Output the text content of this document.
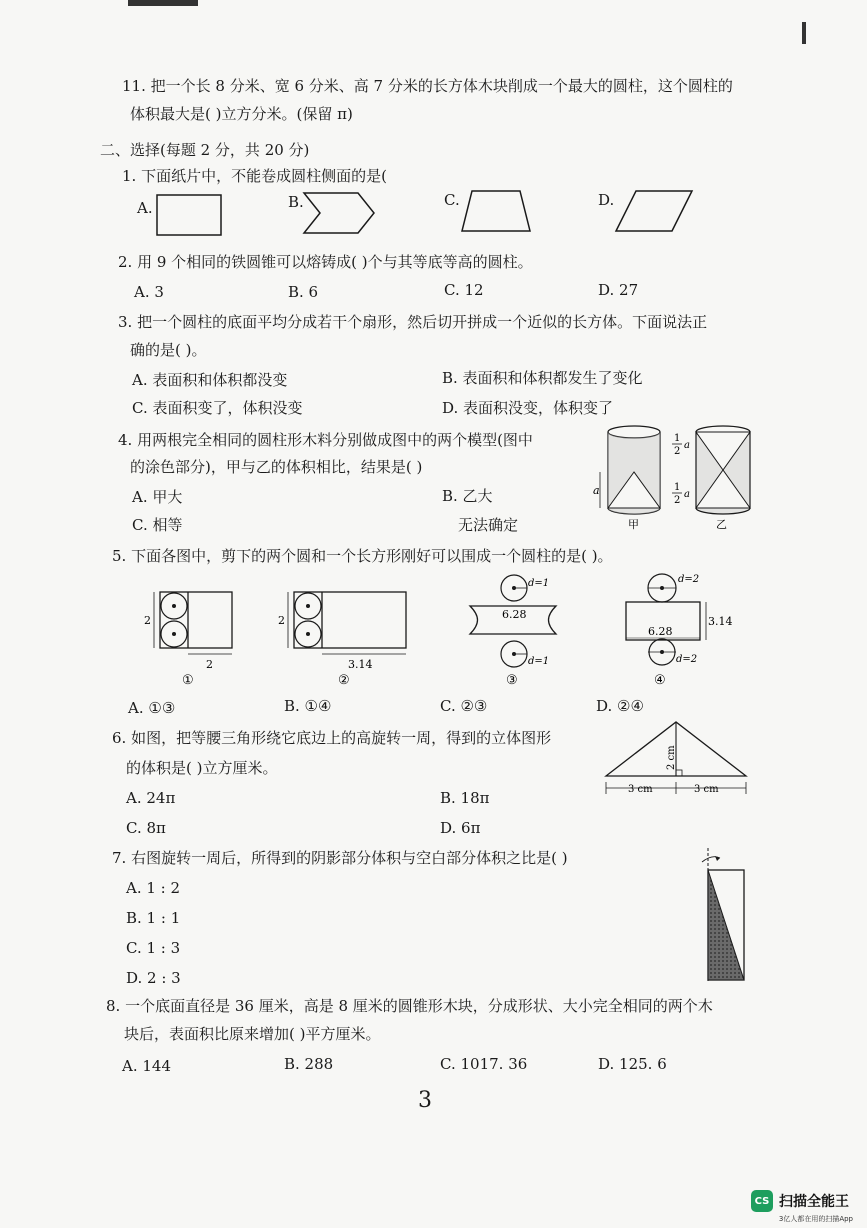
11. 把一个长 8 分米、宽 6 分米、高 7 分米的长方体木块削成一个最大的圆柱，这个圆柱的
体积最大是( )立方分米。(保留 π)
二、选择(每题 2 分，共 20 分)
1. 下面纸片中，不能卷成圆柱侧面的是(
A.	B.	C.	D.
2. 用 9 个相同的铁圆锥可以熔铸成( )个与其等底等高的圆柱。
A. 3	B. 6	C. 12	D. 27
3. 把一个圆柱的底面平均分成若干个扇形，然后切开拼成一个近似的长方体。下面说法正
确的是( )。
A. 表面积和体积都没变	B. 表面积和体积都发生了变化
C. 表面积变了，体积没变	D. 表面积没变，体积变了
4. 用两根完全相同的圆柱形木料分别做成图中的两个模型(图中
的涂色部分)，甲与乙的体积相比，结果是( )
A. 甲大	B. 乙大
C. 相等	无法确定
a
甲
1
2
a
1
2
a
乙
5. 下面各图中，剪下的两个圆和一个长方形刚好可以围成一个圆柱的是( )。
2
2
①
2
3.14
②
d=1
6.28
d=1
③
d=2
6.28
3.14
d=2
④
A. ①③	B. ①④	C. ②③	D. ②④
6. 如图，把等腰三角形绕它底边上的高旋转一周，得到的立体图形
的体积是( )立方厘米。
A. 24π	B. 18π
C. 8π	D. 6π
2 cm
3 cm	3 cm
7. 右图旋转一周后，所得到的阴影部分体积与空白部分体积之比是( )
A. 1 : 2
B. 1 : 1
C. 1 : 3
D. 2 : 3
8. 一个底面直径是 36 厘米，高是 8 厘米的圆锥形木块，分成形状、大小完全相同的两个木
块后，表面积比原来增加( )平方厘米。
A. 144	B. 288	C. 1017. 36	D. 125. 6
3
CS 扫描全能王
3亿人都在用的扫描App
